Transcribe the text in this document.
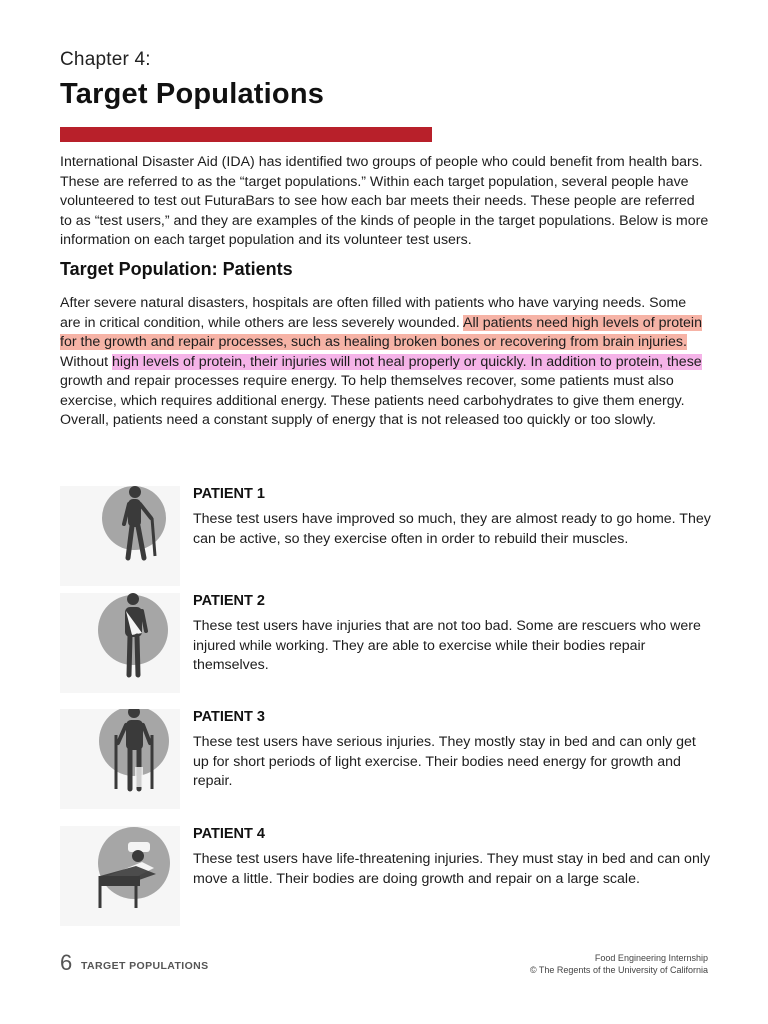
Chapter 4:
Target Populations

International Disaster Aid (IDA) has identified two groups of people who could benefit from health bars. These are referred to as the “target populations.” Within each target population, several people have volunteered to test out FuturaBars to see how each bar meets their needs. These people are referred to as “test users,” and they are examples of the kinds of people in the target populations. Below is more information on each target population and its volunteer test users.

Target Population: Patients

After severe natural disasters, hospitals are often filled with patients who have varying needs. Some are in critical condition, while others are less severely wounded. All patients need high levels of protein for the growth and repair processes, such as healing broken bones or recovering from brain injuries. Without high levels of protein, their injuries will not heal properly or quickly. In addition to protein, these growth and repair processes require energy. To help themselves recover, some patients must also exercise, which requires additional energy. These patients need carbohydrates to give them energy. Overall, patients need a constant supply of energy that is not released too quickly or too slowly.

PATIENT 1

These test users have improved so much, they are almost ready to go home. They can be active, so they exercise often in order to rebuild their muscles.

PATIENT 2

These test users have injuries that are not too bad. Some are rescuers who were injured while working. They are able to exercise while their bodies repair themselves.

PATIENT 3

These test users have serious injuries. They mostly stay in bed and can only get up for short periods of light exercise. Their bodies need energy for growth and repair.

PATIENT 4

These test users have life-threatening injuries. They must stay in bed and can only move a little. Their bodies are doing growth and repair on a large scale.

6 TARGET POPULATIONS
Food Engineering Internship
© The Regents of the University of California
